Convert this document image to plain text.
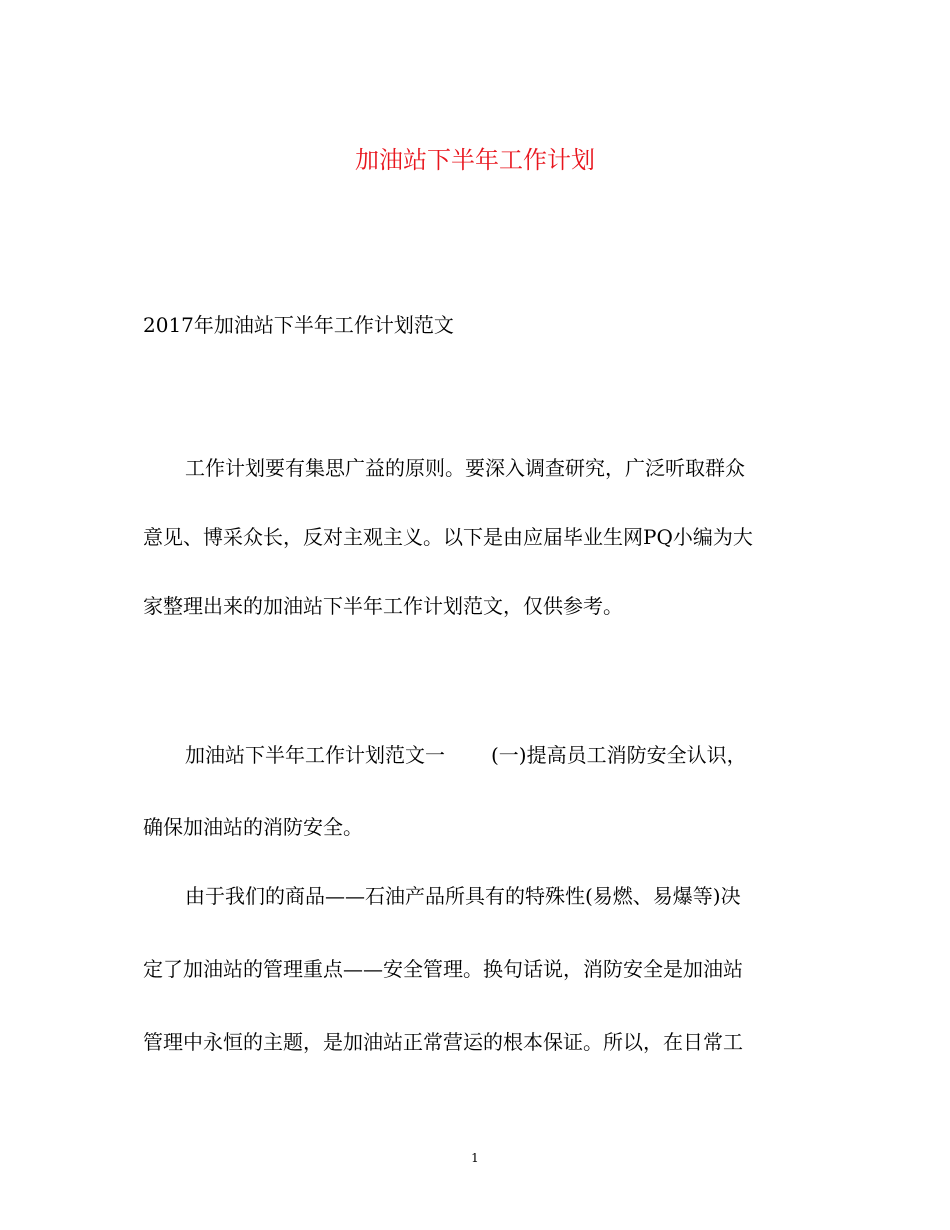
加油站下半年工作计划
2017年加油站下半年工作计划范文
工作计划要有集思广益的原则。要深入调查研究，广泛听取群众
意见、博采众长，反对主观主义。以下是由应届毕业生网PQ小编为大
家整理出来的加油站下半年工作计划范文，仅供参考。
加油站下半年工作计划范文一 (一)提高员工消防安全认识，
确保加油站的消防安全。
由于我们的商品——石油产品所具有的特殊性(易燃、易爆等)决
定了加油站的管理重点——安全管理。换句话说，消防安全是加油站
管理中永恒的主题，是加油站正常营运的根本保证。所以，在日常工
1
